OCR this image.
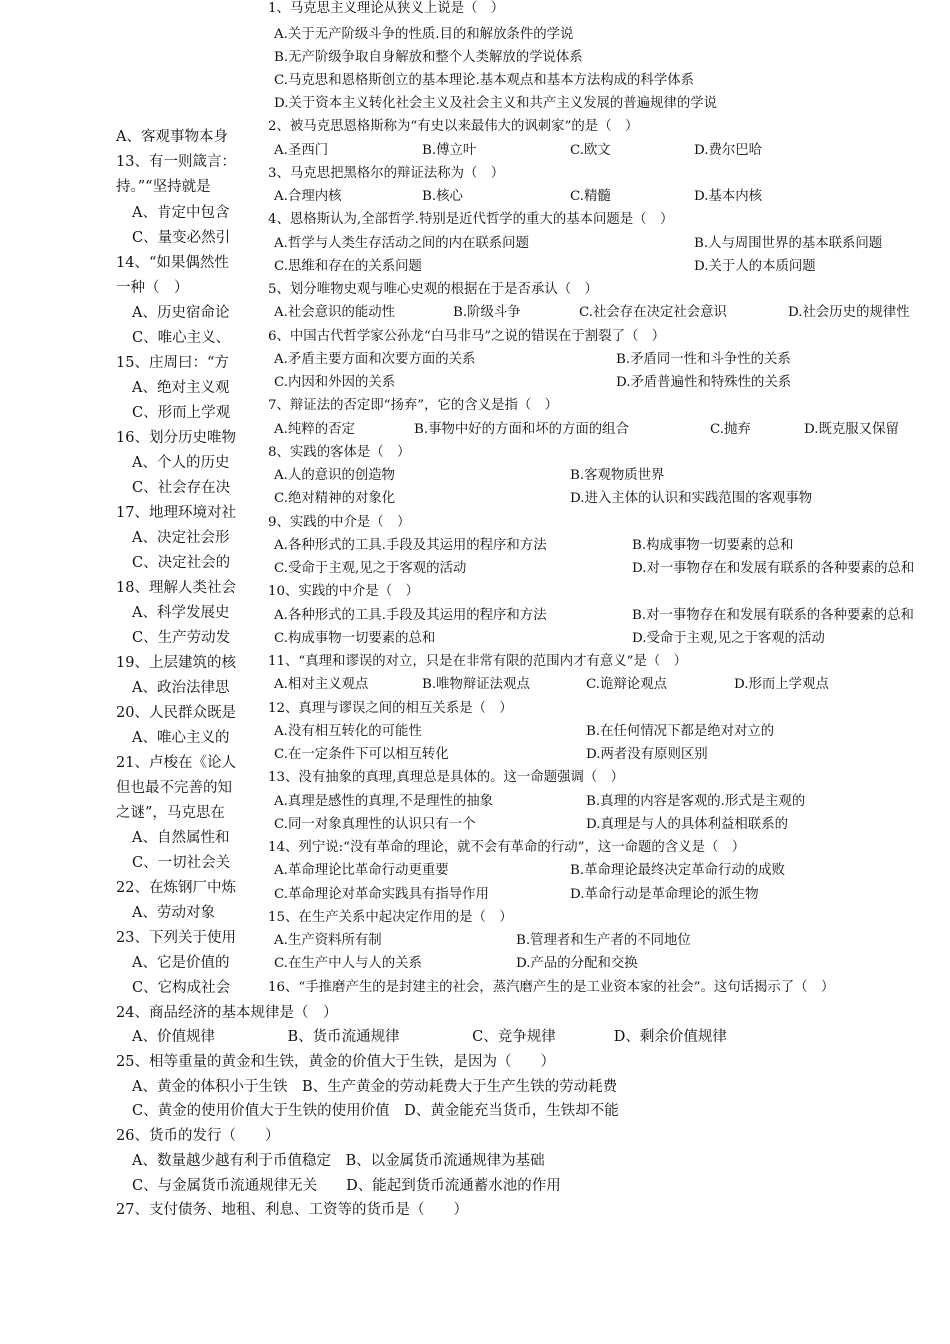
A、客观事物本身
13、有一则箴言：
持。”“坚持就是
A、肯定中包含
C、量变必然引
14、“如果偶然性
一种（　）
A、历史宿命论
C、唯心主义、
15、庄周曰：“方
A、绝对主义观
C、形而上学观
16、划分历史唯物
A、个人的历史
C、社会存在决
17、地理环境对社
A、决定社会形
C、决定社会的
18、理解人类社会
A、科学发展史
C、生产劳动发
19、上层建筑的核
A、政治法律思
20、人民群众既是
A、唯心主义的
21、卢梭在《论人
但也最不完善的知
之谜”，马克思在
A、自然属性和
C、一切社会关
22、在炼钢厂中炼
A、劳动对象
23、下列关于使用
A、它是价值的
C、它构成社会
24、商品经济的基本规律是（　）
A、价值规律　　　　　B、货币流通规律　　　　　C、竞争规律　　　　D、剩余价值规律
25、相等重量的黄金和生铁，黄金的价值大于生铁，是因为（　　）
A、黄金的体积小于生铁　B、生产黄金的劳动耗费大于生产生铁的劳动耗费
C、黄金的使用价值大于生铁的使用价值　D、黄金能充当货币，生铁却不能
26、货币的发行（　　）
A、数量越少越有利于币值稳定　B、以金属货币流通规律为基础
C、与金属货币流通规律无关　　D、能起到货币流通蓄水池的作用
27、支付债务、地租、利息、工资等的货币是（　　）
1、马克思主义理论从狭义上说是（　）
A.关于无产阶级斗争的性质.目的和解放条件的学说
B.无产阶级争取自身解放和整个人类解放的学说体系
C.马克思和恩格斯创立的基本理论.基本观点和基本方法构成的科学体系
D.关于资本主义转化社会主义及社会主义和共产主义发展的普遍规律的学说
2、被马克思恩格斯称为“有史以来最伟大的讽刺家”的是（　）
A.圣西门	B.傅立叶	C.欧文	D.费尔巴哈
3、马克思把黑格尔的辩证法称为（　）
A.合理内核	B.核心	C.精髓	D.基本内核
4、恩格斯认为,全部哲学.特别是近代哲学的重大的基本问题是（　）
A.哲学与人类生存活动之间的内在联系问题	B.人与周围世界的基本联系问题
C.思维和存在的关系问题	D.关于人的本质问题
5、划分唯物史观与唯心史观的根据在于是否承认（　）
A.社会意识的能动性	B.阶级斗争	C.社会存在决定社会意识	D.社会历史的规律性
6、中国古代哲学家公孙龙“白马非马”之说的错误在于割裂了（　）
A.矛盾主要方面和次要方面的关系	B.矛盾同一性和斗争性的关系
C.内因和外因的关系	D.矛盾普遍性和特殊性的关系
7、辩证法的否定即“扬弃”，它的含义是指（　）
A.纯粹的否定	B.事物中好的方面和坏的方面的组合	C.抛弃	D.既克服又保留
8、实践的客体是（　）
A.人的意识的创造物	B.客观物质世界
C.绝对精神的对象化	D.进入主体的认识和实践范围的客观事物
9、实践的中介是（　）
A.各种形式的工具.手段及其运用的程序和方法	B.构成事物一切要素的总和
C.受命于主观,见之于客观的活动	D.对一事物存在和发展有联系的各种要素的总和
10、实践的中介是（　）
A.各种形式的工具.手段及其运用的程序和方法	B.对一事物存在和发展有联系的各种要素的总和
C.构成事物一切要素的总和	D.受命于主观,见之于客观的活动
11、“真理和谬误的对立，只是在非常有限的范围内才有意义”是（　）
A.相对主义观点	B.唯物辩证法观点	C.诡辩论观点	D.形而上学观点
12、真理与谬误之间的相互关系是（　）
A.没有相互转化的可能性	B.在任何情况下都是绝对对立的
C.在一定条件下可以相互转化	D.两者没有原则区别
13、没有抽象的真理,真理总是具体的。这一命题强调（　）
A.真理是感性的真理,不是理性的抽象	B.真理的内容是客观的.形式是主观的
C.同一对象真理性的认识只有一个	D.真理是与人的具体利益相联系的
14、列宁说:“没有革命的理论，就不会有革命的行动”，这一命题的含义是（　）
A.革命理论比革命行动更重要	B.革命理论最终决定革命行动的成败
C.革命理论对革命实践具有指导作用	D.革命行动是革命理论的派生物
15、在生产关系中起决定作用的是（　）
A.生产资料所有制	B.管理者和生产者的不同地位
C.在生产中人与人的关系	D.产品的分配和交换
16、“手推磨产生的是封建主的社会，蒸汽磨产生的是工业资本家的社会”。这句话揭示了（　）
